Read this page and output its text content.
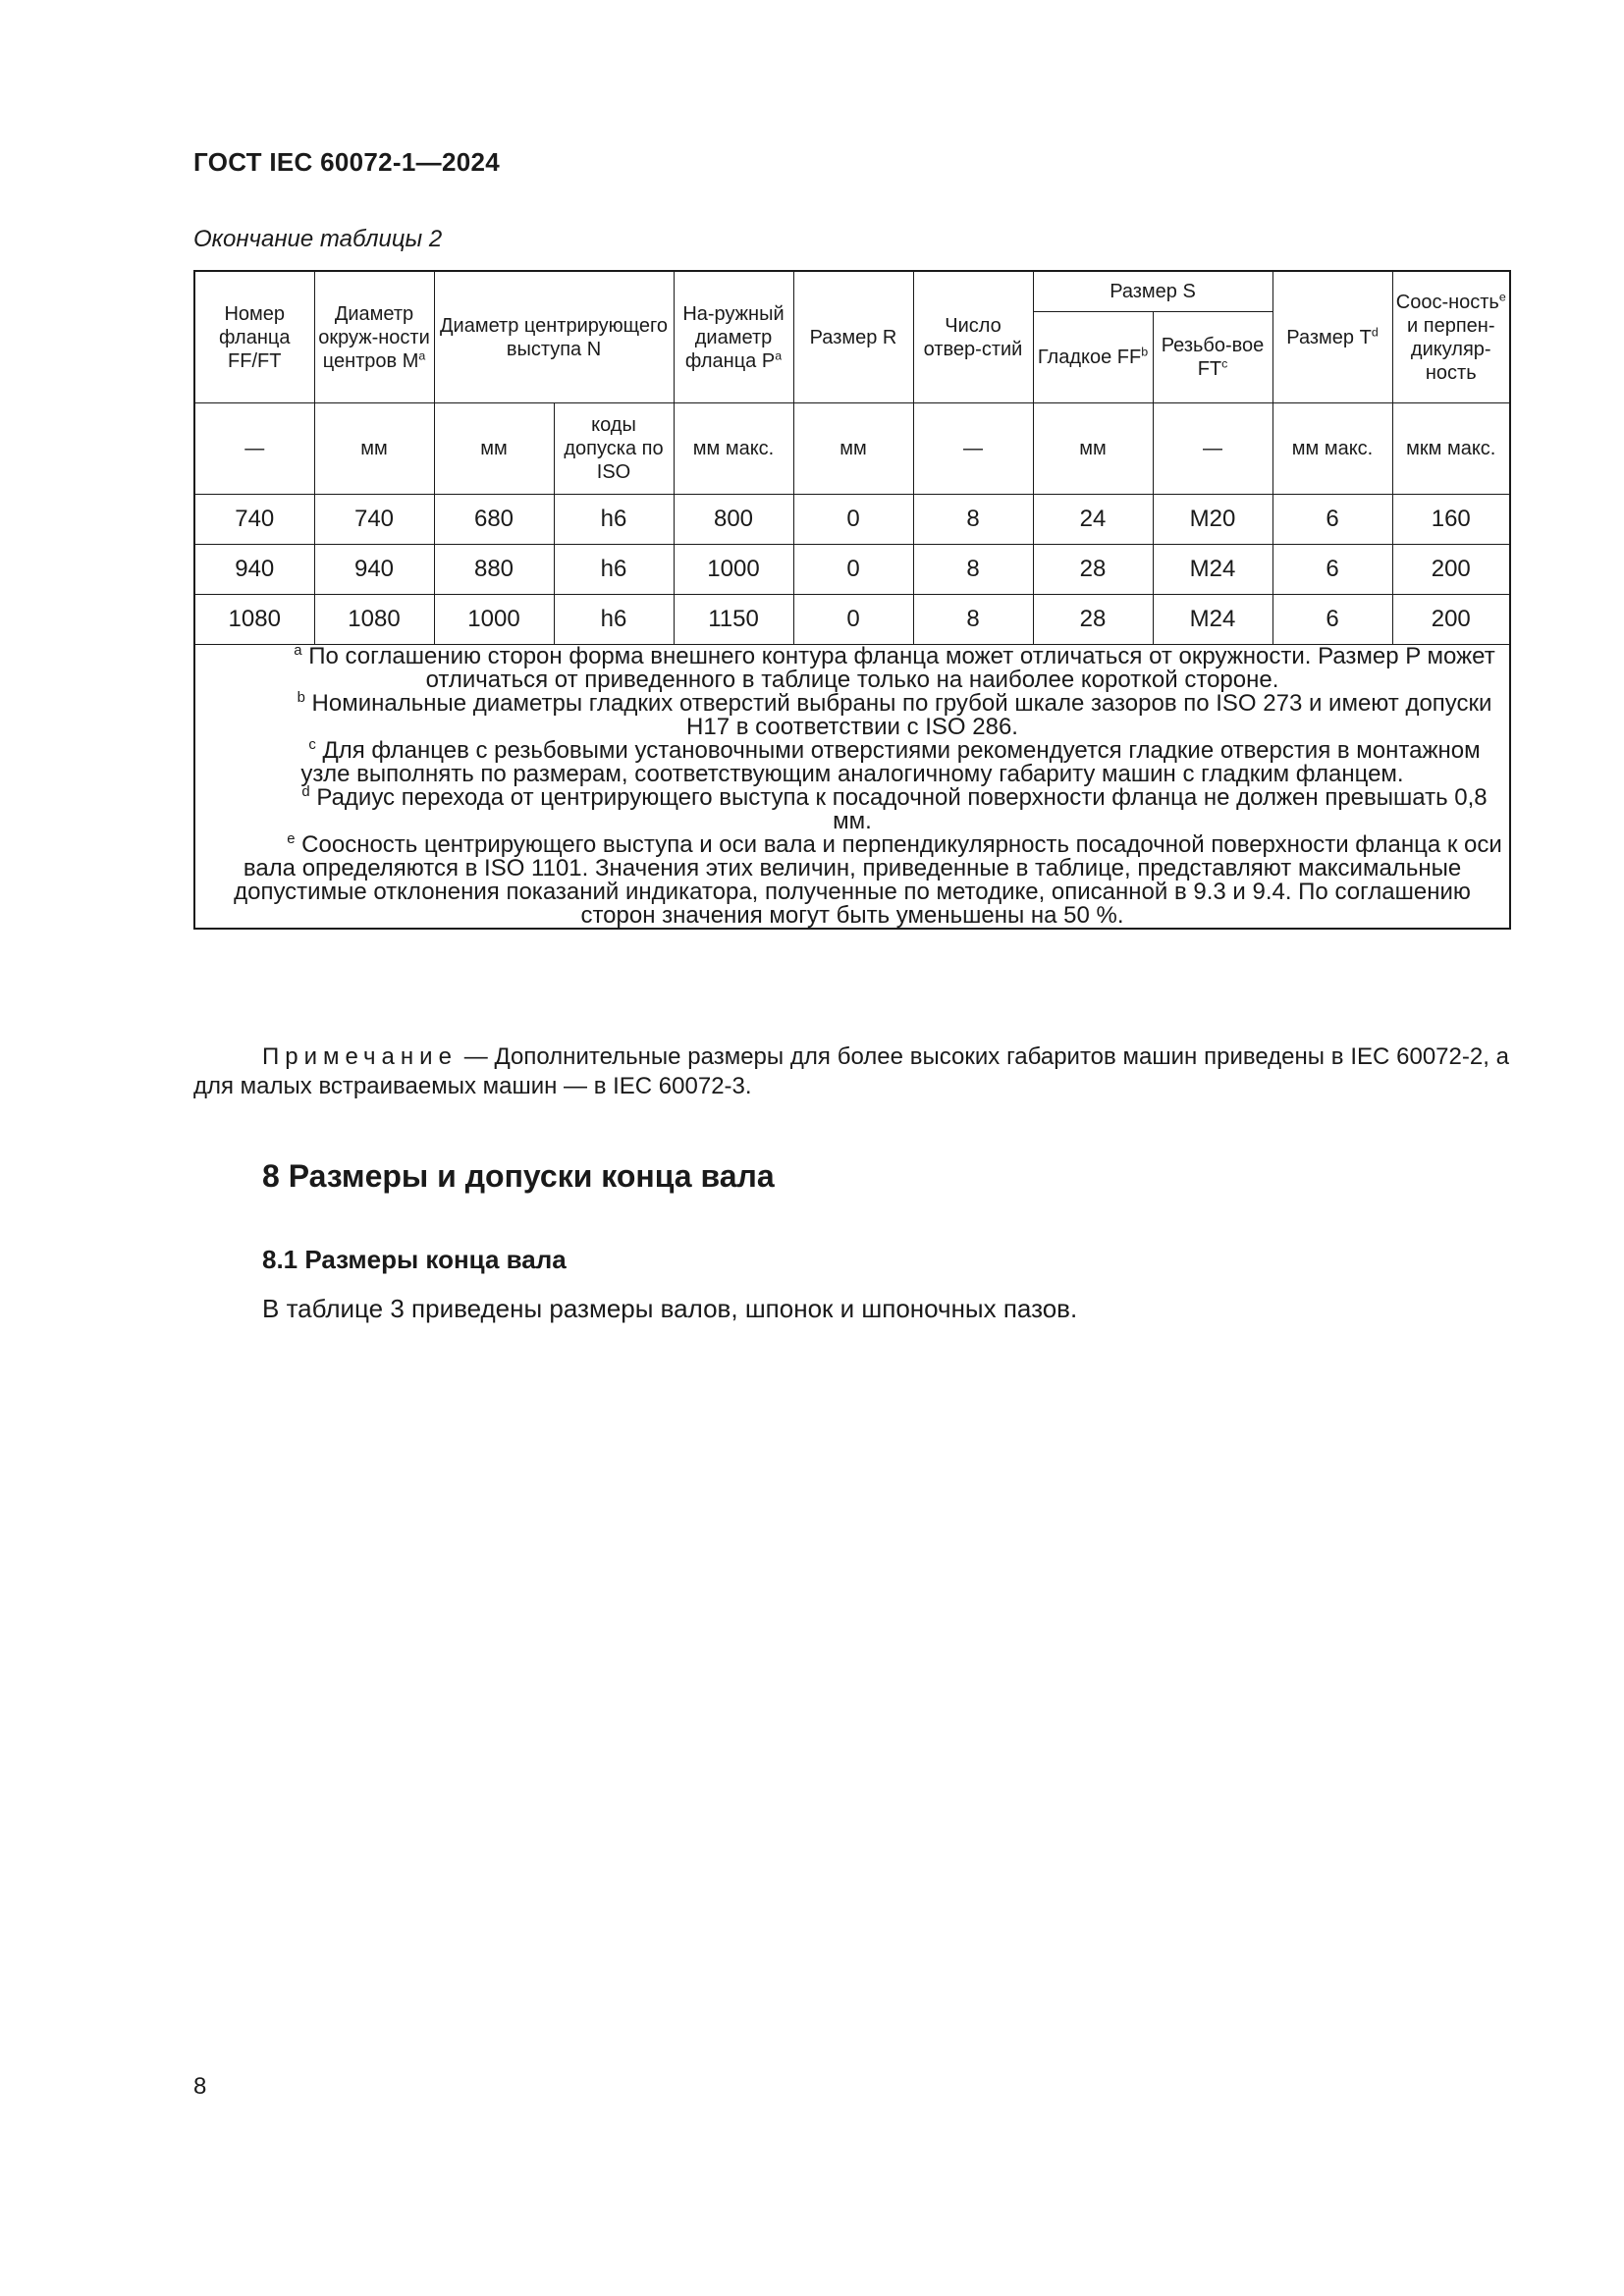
ГОСТ IEC 60072-1—2024
Окончание таблицы 2
Номер фланца FF/FT	Диаметр окруж-ности центров $M^a$	Диаметр центрирующего выступа N		На-ружный диаметр фланца $P^a$	Размер R	Число отвер-стий	Размер S		Размер $T^d$	Соос-ность$^e$ и перпен-дикуляр-ность
							Гладкое $FF^b$	Резьбо-вое $FT^c$
—	мм	мм	коды допуска по ISO	мм макс.	мм	—	мм	—	мм макс.	мкм макс.
740	740	680	h6	800	0	8	24	M20	6	160
940	940	880	h6	1000	0	8	28	M24	6	200
1080	1080	1000	h6	1150	0	8	28	M24	6	200

$^a$ По соглашению сторон форма внешнего контура фланца может отличаться от окружности. Размер P может отличаться от приведенного в таблице только на наиболее короткой стороне.
$^b$ Номинальные диаметры гладких отверстий выбраны по грубой шкале зазоров по ISO 273 и имеют допуски H17 в соответствии с ISO 286.
$^c$ Для фланцев с резьбовыми установочными отверстиями рекомендуется гладкие отверстия в монтажном узле выполнять по размерам, соответствующим аналогичному габариту машин с гладким фланцем.
$^d$ Радиус перехода от центрирующего выступа к посадочной поверхности фланца не должен превышать 0,8 мм.
$^e$ Соосность центрирующего выступа и оси вала и перпендикулярность посадочной поверхности фланца к оси вала определяются в ISO 1101. Значения этих величин, приведенные в таблице, представляют максимальные допустимые отклонения показаний индикатора, полученные по методике, описанной в 9.3 и 9.4. По соглашению сторон значения могут быть уменьшены на 50 %.										

Примечание — Дополнительные размеры для более высоких габаритов машин приведены в IEC 60072-2, а для малых встраиваемых машин — в IEC 60072-3.

8 Размеры и допуски конца вала
8.1 Размеры конца вала
В таблице 3 приведены размеры валов, шпонок и шпоночных пазов.
8
